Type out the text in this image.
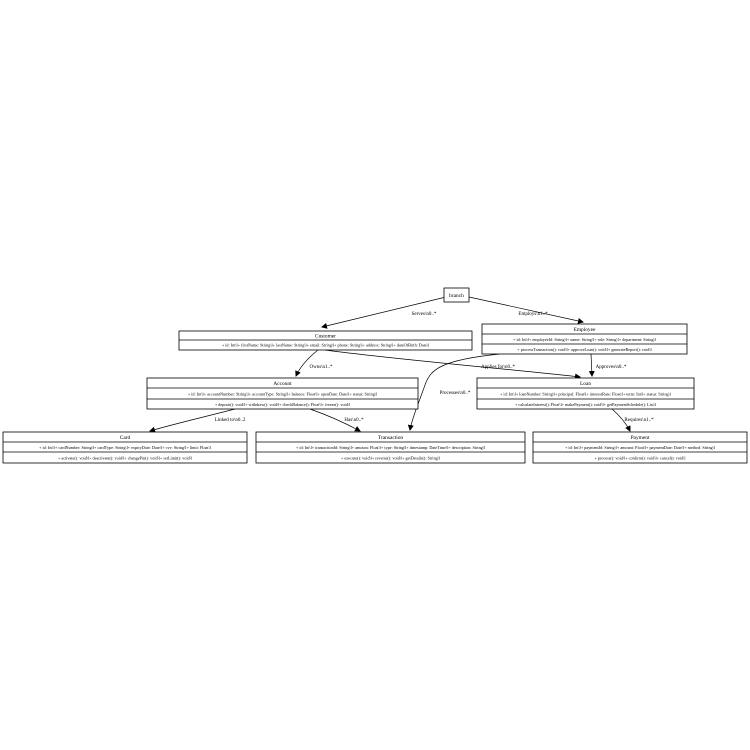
Serves\n0..*	Employs\n1..*
Owns\n1..*	Applies for\n0..*
Processes\n0..*
Approves\n0..*
Linked to\n0..2	Has\n0..*	Requires\n1..*
branch
Customer
+ id: Int\l+ firstName: String\l+ lastName: String\l+ email: String\l+ phone: String\l+ address: String\l+ dateOfBirth: Date\l
Employee
+ id: Int\l+ employeeId: String\l+ name: String\l+ role: String\l+ department: String\l
+ processTransaction(): void\l+ approveLoan(): void\l+ generateReport(): void\l
Account
+ id: Int\l+ accountNumber: String\l+ accountType: String\l+ balance: Float\l+ openDate: Date\l+ status: String\l
+ deposit(): void\l+ withdraw(): void\l+ checkBalance(): Float\l+ freeze(): void\l
Loan
+ id: Int\l+ loanNumber: String\l+ principal: Float\l+ interestRate: Float\l+ term: Int\l+ status: String\l
+ calculateInterest(): Float\l+ makePayment(): void\l+ getPaymentSchedule(): List\l
Card
+ id: Int\l+ cardNumber: String\l+ cardType: String\l+ expiryDate: Date\l+ cvv: String\l+ limit: Float\l
+ activate(): void\l+ deactivate(): void\l+ changePin(): void\l+ setLimit(): void\l
Transaction
+ id: Int\l+ transactionId: String\l+ amount: Float\l+ type: String\l+ timestamp: DateTime\l+ description: String\l
+ execute(): void\l+ reverse(): void\l+ getDetails(): String\l
Payment
+ id: Int\l+ paymentId: String\l+ amount: Float\l+ paymentDate: Date\l+ method: String\l
+ process(): void\l+ confirm(): void\l+ cancel(): void\l
